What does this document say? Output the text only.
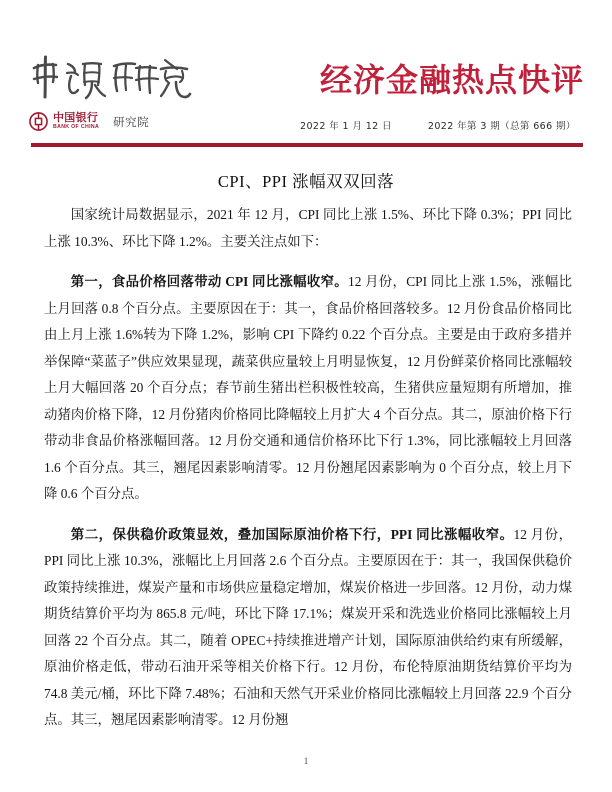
中国银行
BANK OF CHINA 研究院
经济金融热点快评
2022 年 1 月 12 日	2022 年第 3 期（总第 666 期）
CPI、PPI 涨幅双双回落

国家统计局数据显示，2021 年 12 月，CPI 同比上涨 1.5%、环比下降 0.3%；PPI 同比上涨 10.3%、环比下降 1.2%。主要关注点如下：

第一，食品价格回落带动 CPI 同比涨幅收窄。12 月份，CPI 同比上涨 1.5%，涨幅比上月回落 0.8 个百分点。主要原因在于：其一，食品价格回落较多。12 月份食品价格同比由上月上涨 1.6%转为下降 1.2%，影响 CPI 下降约 0.22 个百分点。主要是由于政府多措并举保障“菜蓝子”供应效果显现，蔬菜供应量较上月明显恢复，12 月份鲜菜价格同比涨幅较上月大幅回落 20 个百分点；春节前生猪出栏积极性较高，生猪供应量短期有所增加，推动猪肉价格下降，12 月份猪肉价格同比降幅较上月扩大 4 个百分点。其二，原油价格下行带动非食品价格涨幅回落。12 月份交通和通信价格环比下行 1.3%，同比涨幅较上月回落 1.6 个百分点。其三，翘尾因素影响清零。12 月份翘尾因素影响为 0 个百分点，较上月下降 0.6 个百分点。

第二，保供稳价政策显效，叠加国际原油价格下行，PPI 同比涨幅收窄。12 月份，PPI 同比上涨 10.3%，涨幅比上月回落 2.6 个百分点。主要原因在于：其一，我国保供稳价政策持续推进，煤炭产量和市场供应量稳定增加，煤炭价格进一步回落。12 月份，动力煤期货结算价平均为 865.8 元/吨，环比下降 17.1%；煤炭开采和洗选业价格同比涨幅较上月回落 22 个百分点。其二，随着 OPEC+持续推进增产计划，国际原油供给约束有所缓解，原油价格走低，带动石油开采等相关价格下行。12 月份，布伦特原油期货结算价平均为 74.8 美元/桶，环比下降 7.48%；石油和天然气开采业价格同比涨幅较上月回落 22.9 个百分点。其三，翘尾因素影响清零。12 月份翘

1
